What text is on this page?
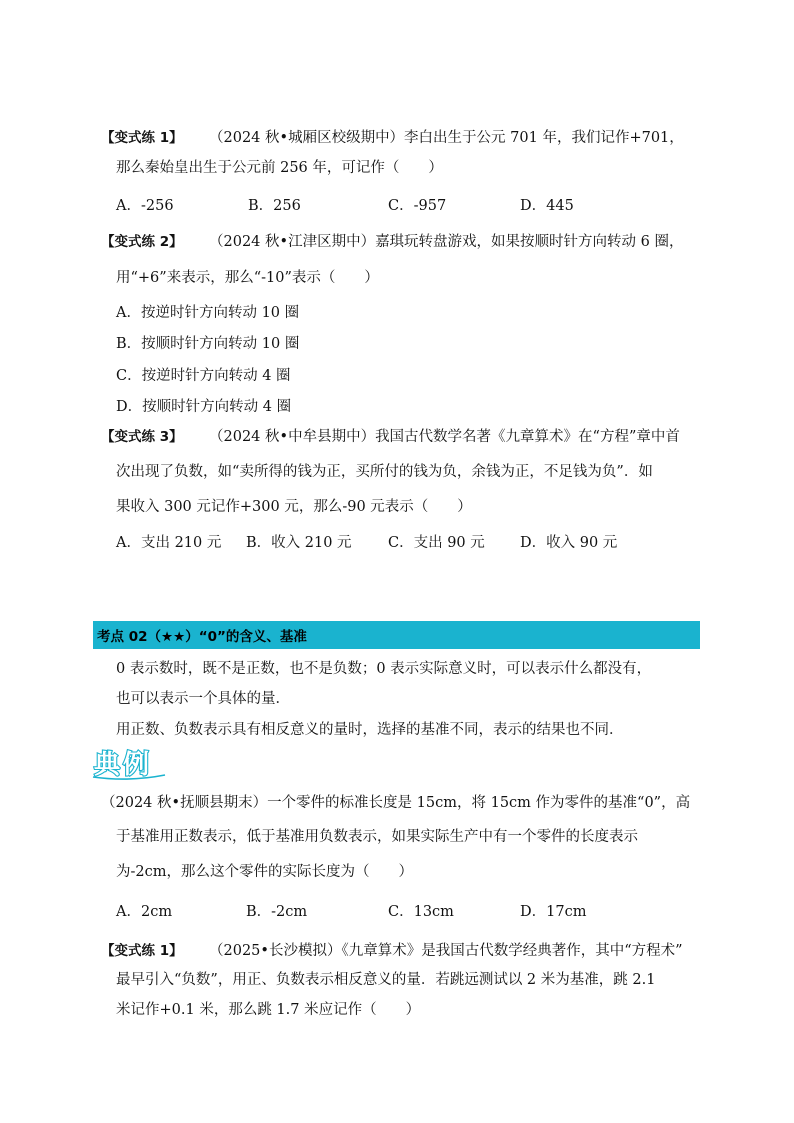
【变式练 1】 （2024 秋•城厢区校级期中）李白出生于公元 701 年，我们记作+701，
那么秦始皇出生于公元前 256 年，可记作（　　）
A．-256	B．256	C．-957	D．445
【变式练 2】 （2024 秋•江津区期中）嘉琪玩转盘游戏，如果按顺时针方向转动 6 圈，
用“+6”来表示，那么“-10”表示（　　）
A．按逆时针方向转动 10 圈
B．按顺时针方向转动 10 圈
C．按逆时针方向转动 4 圈
D．按顺时针方向转动 4 圈
【变式练 3】 （2024 秋•中牟县期中）我国古代数学名著《九章算术》在“方程”章中首
次出现了负数，如“卖所得的钱为正，买所付的钱为负，余钱为正，不足钱为负”．如
果收入 300 元记作+300 元，那么-90 元表示（　　）
A．支出 210 元 B．收入 210 元	C．支出 90 元 D．收入 90 元
考点 02（★★）“0”的含义、基准
0 表示数时，既不是正数，也不是负数；0 表示实际意义时，可以表示什么都没有，
也可以表示一个具体的量．
用正数、负数表示具有相反意义的量时，选择的基准不同，表示的结果也不同．
典例
（2024 秋•抚顺县期末）一个零件的标准长度是 15cm，将 15cm 作为零件的基准“0”，高
于基准用正数表示，低于基准用负数表示，如果实际生产中有一个零件的长度表示
为-2cm，那么这个零件的实际长度为（　　）
A．2cm	B．-2cm	C．13cm	D．17cm
【变式练 1】 （2025•长沙模拟）《九章算术》是我国古代数学经典著作，其中“方程术”
最早引入“负数”，用正、负数表示相反意义的量．若跳远测试以 2 米为基准，跳 2.1
米记作+0.1 米，那么跳 1.7 米应记作（　　）
